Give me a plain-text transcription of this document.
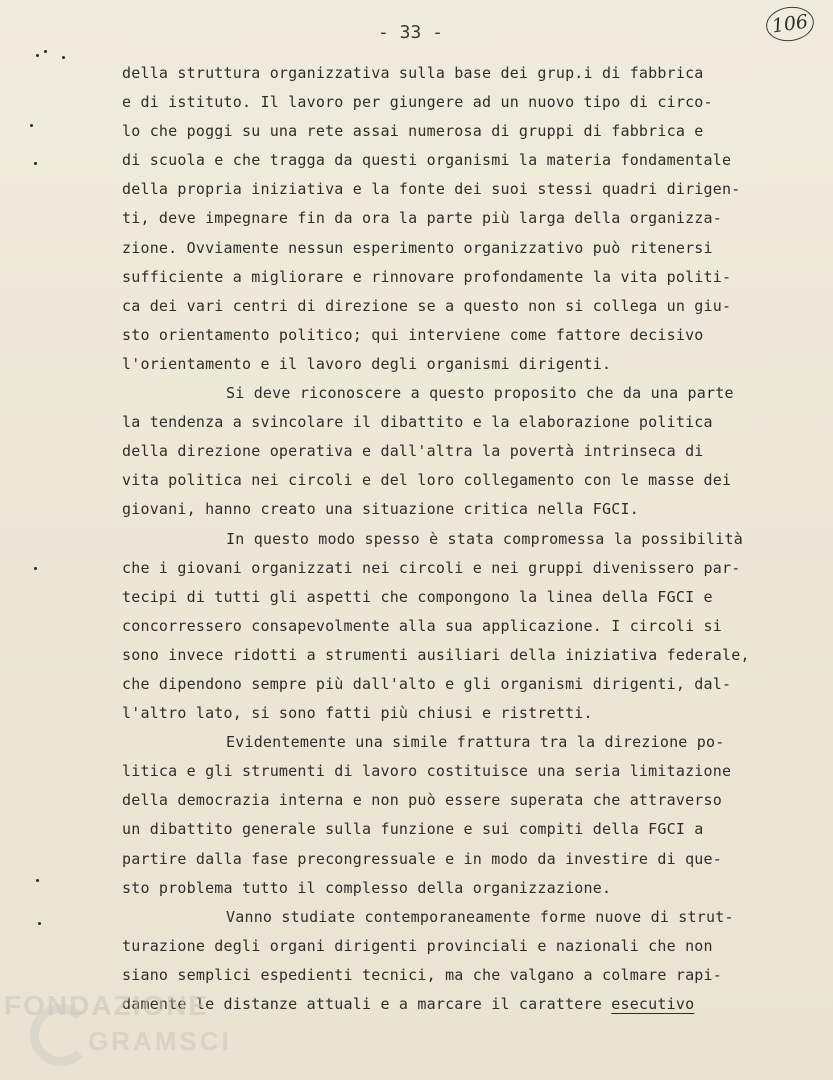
- 33 -	106
della struttura organizzativa sulla base dei grup.i di fabbrica
e di istituto. Il lavoro per giungere ad un nuovo tipo di circo-
lo che poggi su una rete assai numerosa di gruppi di fabbrica e
di scuola e che tragga da questi organismi la materia fondamentale
della propria iniziativa e la fonte dei suoi stessi quadri dirigen-
ti, deve impegnare fin da ora la parte più larga della organizza-
zione. Ovviamente nessun esperimento organizzativo può ritenersi
sufficiente a migliorare e rinnovare profondamente la vita politi-
ca dei vari centri di direzione se a questo non si collega un giu-
sto orientamento politico; qui interviene come fattore decisivo
l'orientamento e il lavoro degli organismi dirigenti.
Si deve riconoscere a questo proposito che da una parte
la tendenza a svincolare il dibattito e la elaborazione politica
della direzione operativa e dall'altra la povertà intrinseca di
vita politica nei circoli e del loro collegamento con le masse dei
giovani, hanno creato una situazione critica nella FGCI.
In questo modo spesso è stata compromessa la possibilità
che i giovani organizzati nei circoli e nei gruppi divenissero par-
tecipi di tutti gli aspetti che compongono la linea della FGCI e
concorressero consapevolmente alla sua applicazione. I circoli si
sono invece ridotti a strumenti ausiliari della iniziativa federale,
che dipendono sempre più dall'alto e gli organismi dirigenti, dal-
l'altro lato, si sono fatti più chiusi e ristretti.
Evidentemente una simile frattura tra la direzione po-
litica e gli strumenti di lavoro costituisce una seria limitazione
della democrazia interna e non può essere superata che attraverso
un dibattito generale sulla funzione e sui compiti della FGCI a
partire dalla fase precongressuale e in modo da investire di que-
sto problema tutto il complesso della organizzazione.
Vanno studiate contemporaneamente forme nuove di strut-
turazione degli organi dirigenti provinciali e nazionali che non
siano semplici espedienti tecnici, ma che valgano a colmare rapi-
damente le distanze attuali e a marcare il carattere esecutivo
FONDAZIONE
GRAMSCI
